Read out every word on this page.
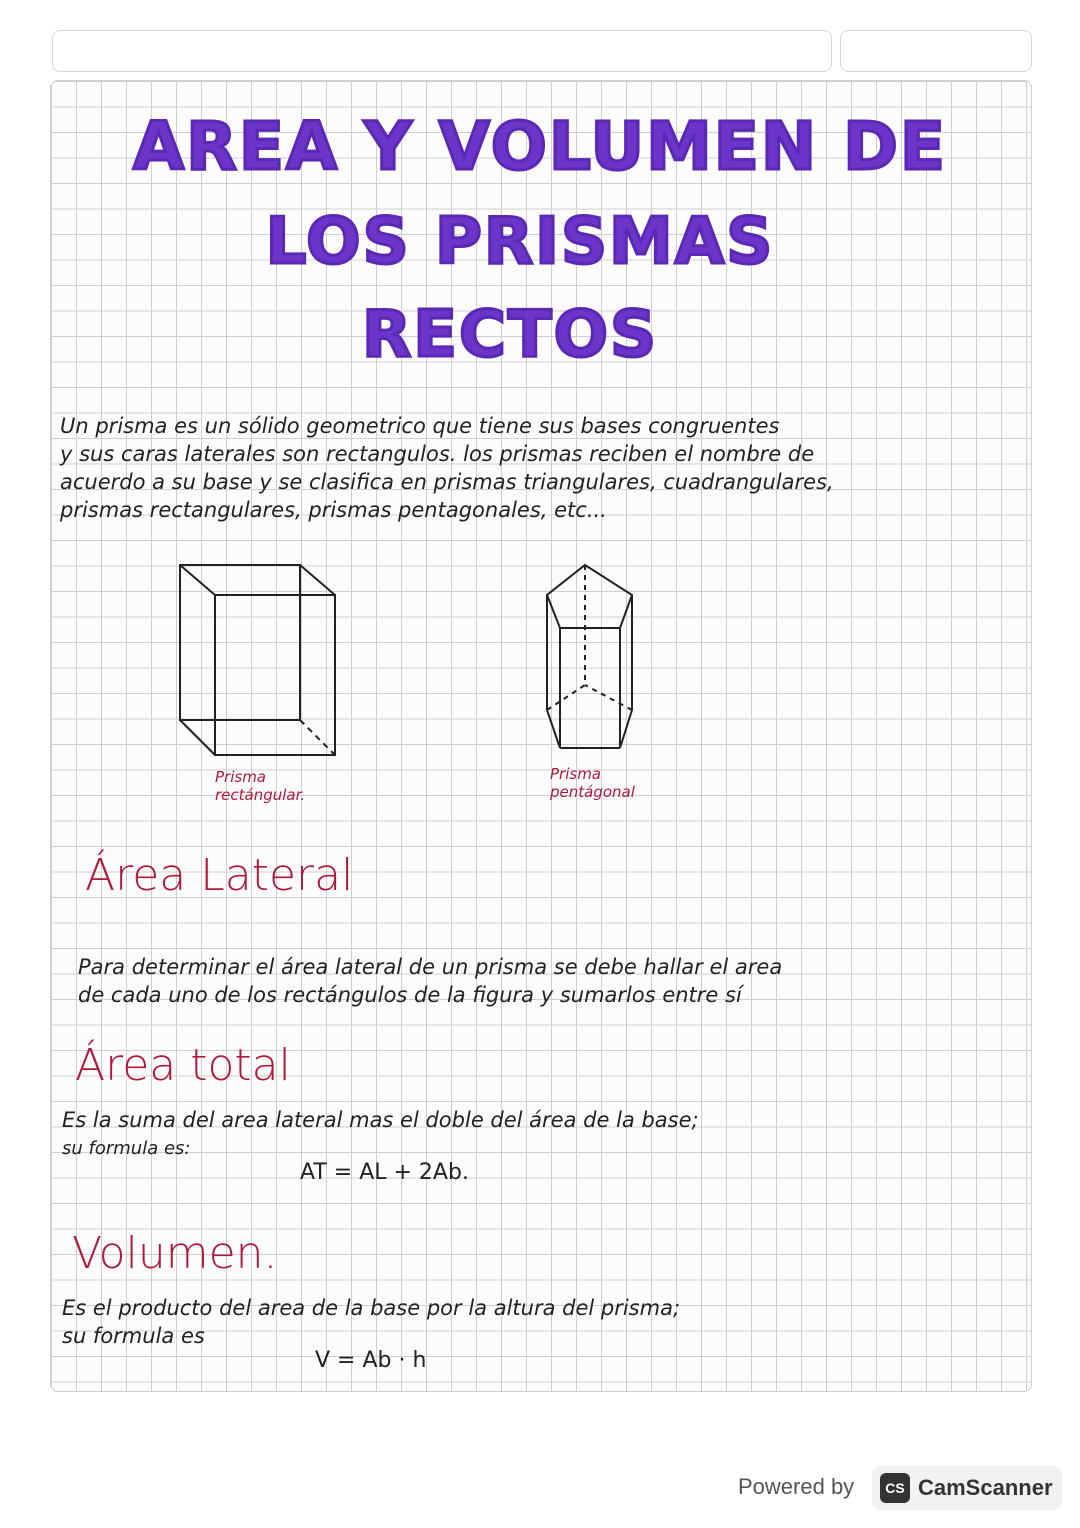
AREA Y VOLUMEN DE
LOS PRISMAS
RECTOS
Un prisma es un sólido geometrico que tiene sus bases congruentes
y sus caras laterales son rectangulos. los prismas reciben el nombre de
acuerdo a su base y se clasifica en prismas triangulares, cuadrangulares,
prismas rectangulares, prismas pentagonales, etc...
Prisma
rectángular.
Prisma
pentágonal
Área Lateral
Para determinar el área lateral de un prisma se debe hallar el area
de cada uno de los rectángulos de la figura y sumarlos entre sí
Área total
Es la suma del area lateral mas el doble del área de la base;
su formula es:
AT = AL + 2Ab.
Volumen.
Es el producto del area de la base por la altura del prisma;
su formula es
V = Ab · h
Powered by	CS CamScanner
